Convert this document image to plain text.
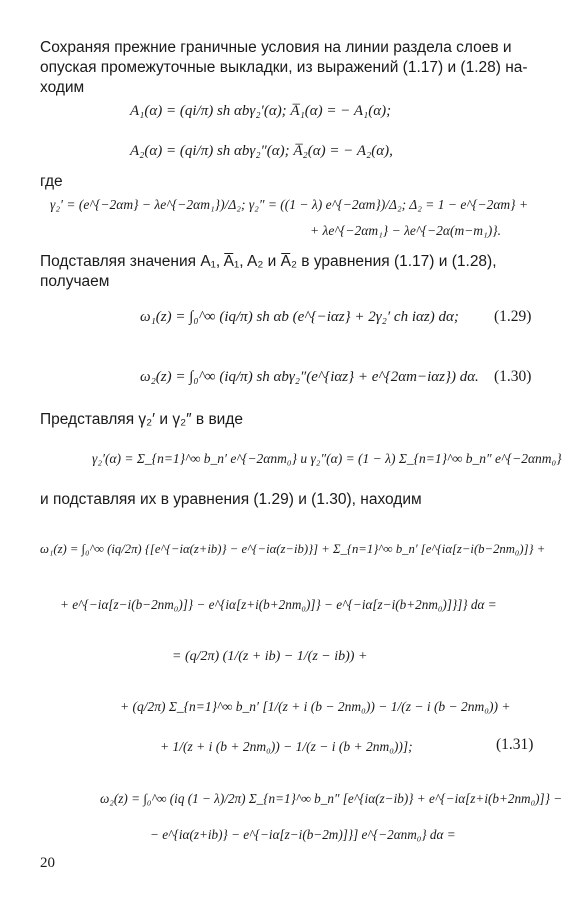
Сохраняя прежние граничные условия на линии раздела слоев и
опуская промежуточные выкладки, из выражений (1.17) и (1.28) на-
ходим
A₁(α) = (qi/π) sh αbγ₂′(α); A̅₁(α) = − A₁(α);
A₂(α) = (qi/π) sh αbγ₂″(α); A̅₂(α) = − A₂(α),
где
γ₂′ = (e^{−2αm} − λe^{−2αm₁})/Δ₂; γ₂″ = ((1 − λ) e^{−2αm})/Δ₂; Δ₂ = 1 − e^{−2αm} +
+ λe^{−2αm₁} − λe^{−2α(m−m₁)}.
Подставляя значения A₁, A̅₁, A₂ и A̅₂ в уравнения (1.17) и (1.28),
получаем
ω₁(z) = ∫₀^∞ (iq/π) sh αb (e^{−iαz} + 2γ₂′ ch iαz) dα; (1.29)
ω₂(z) = ∫₀^∞ (iq/π) sh αbγ₂″(e^{iαz} + e^{2αm−iαz}) dα. (1.30)
Представляя γ₂′ и γ₂″ в виде
γ₂′(α) = Σ_{n=1}^∞ b_n′ e^{−2αnm₀} и γ₂″(α) = (1 − λ) Σ_{n=1}^∞ b_n″ e^{−2αnm₀}
и подставляя их в уравнения (1.29) и (1.30), находим
ω₁(z) = ∫₀^∞ (iq/2π) {[e^{−iα(z+ib)} − e^{−iα(z−ib)}] + Σ_{n=1}^∞ b_n′ [e^{iα[z−i(b−2nm₀)]} +
+ e^{−iα[z−i(b−2nm₀)]} − e^{iα[z+i(b+2nm₀)]} − e^{−iα[z−i(b+2nm₀)]}]} dα =
= (q/2π) (1/(z + ib) − 1/(z − ib)) +
+ (q/2π) Σ_{n=1}^∞ b_n′ [1/(z + i (b − 2nm₀)) − 1/(z − i (b − 2nm₀)) +
+ 1/(z + i (b + 2nm₀)) − 1/(z − i (b + 2nm₀))];	(1.31)
ω₂(z) = ∫₀^∞ (iq (1 − λ)/2π) Σ_{n=1}^∞ b_n″ [e^{iα(z−ib)} + e^{−iα[z+i(b+2nm₀)]} −
− e^{iα(z+ib)} − e^{−iα[z−i(b−2m)]}] e^{−2αnm₀} dα =
20
